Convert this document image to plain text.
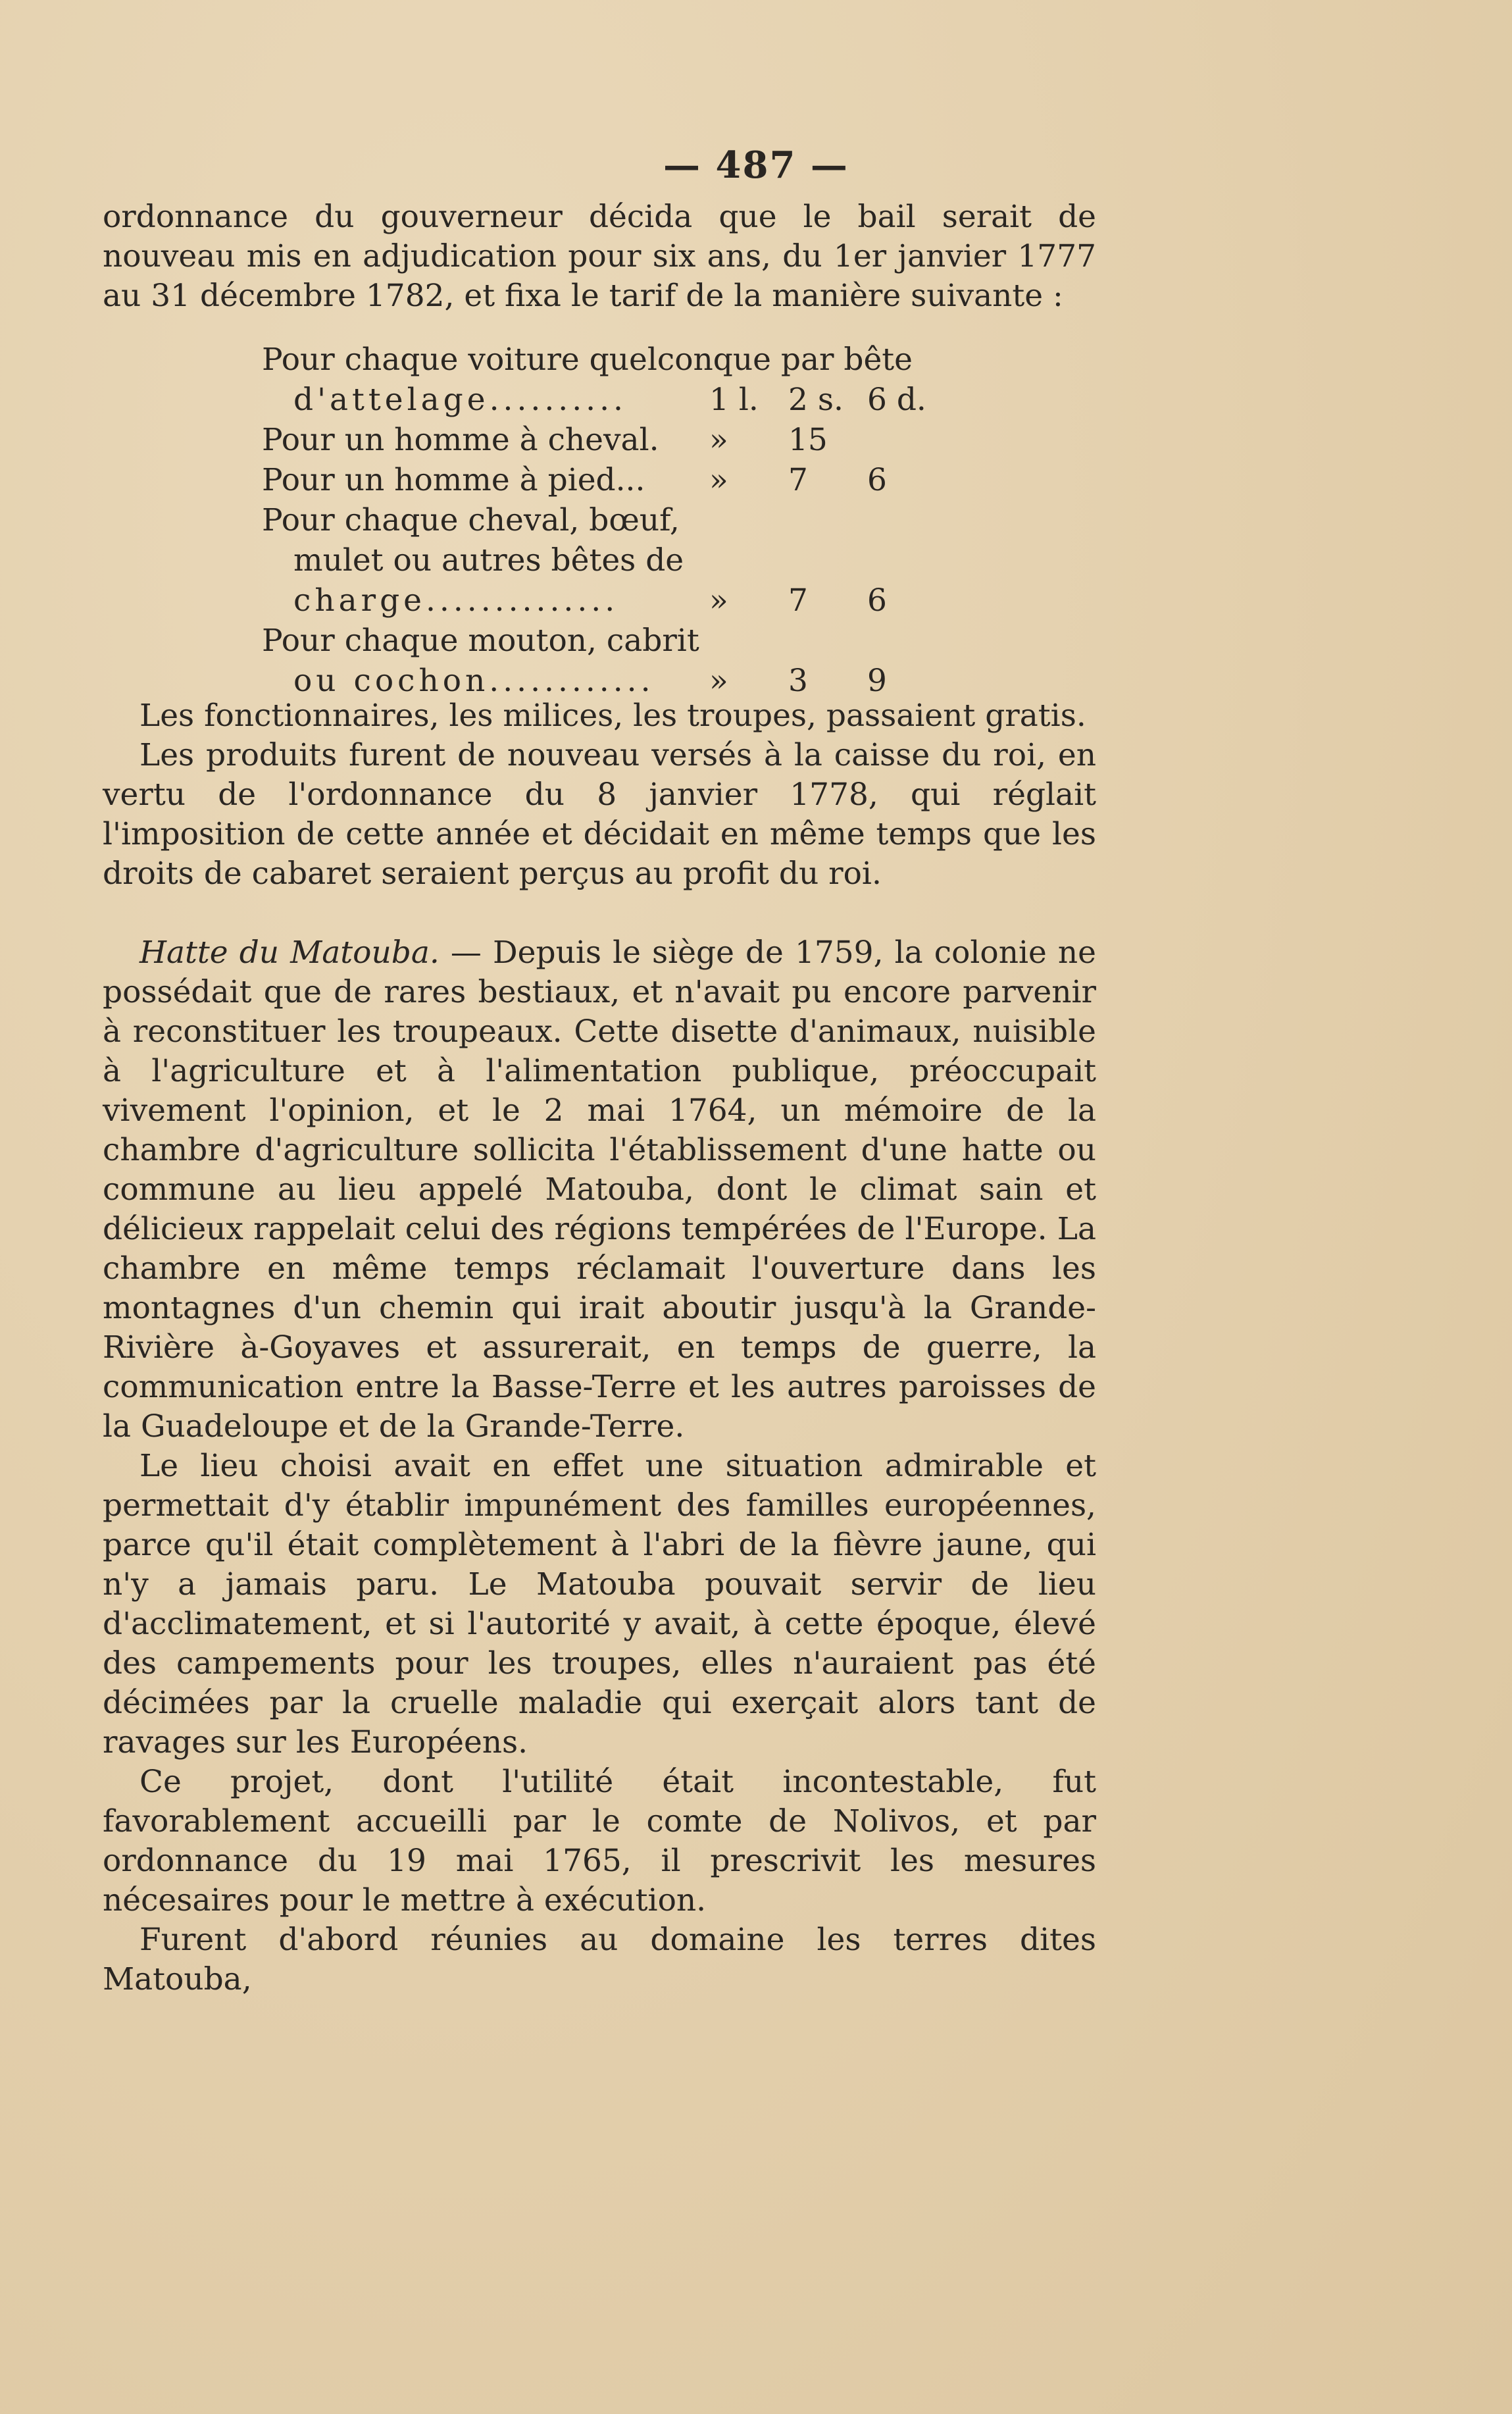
— 487 —

ordonnance du gouverneur décida que le bail serait de nouveau mis en adjudication pour six ans, du 1er janvier 1777 au 31 décembre 1782, et fixa le tarif de la manière suivante :

Pour chaque voiture quelconque par bête
d'attelage..........	1 l. 2 s. 6 d.
Pour un homme à cheval.	»	15
Pour un homme à pied...	»	7	6
Pour chaque cheval, bœuf,
mulet ou autres bêtes de
charge..............	»	7	6
Pour chaque mouton, cabrit
ou cochon............	»	3	9

Les fonctionnaires, les milices, les troupes, passaient gratis.

Les produits furent de nouveau versés à la caisse du roi, en vertu de l'ordonnance du 8 janvier 1778, qui réglait l'imposition de cette année et décidait en même temps que les droits de cabaret seraient perçus au profit du roi.

Hatte du Matouba. — Depuis le siège de 1759, la colonie ne possédait que de rares bestiaux, et n'avait pu encore parvenir à reconstituer les troupeaux. Cette disette d'animaux, nuisible à l'agriculture et à l'alimentation publique, préoccupait vivement l'opinion, et le 2 mai 1764, un mémoire de la chambre d'agriculture sollicita l'établissement d'une hatte ou commune au lieu appelé Matouba, dont le climat sain et délicieux rappelait celui des régions tempérées de l'Europe. La chambre en même temps réclamait l'ouverture dans les montagnes d'un chemin qui irait aboutir jusqu'à la Grande-Rivière à-Goyaves et assurerait, en temps de guerre, la communication entre la Basse-Terre et les autres paroisses de la Guadeloupe et de la Grande-Terre.

Le lieu choisi avait en effet une situation admirable et permettait d'y établir impunément des familles européennes, parce qu'il était complètement à l'abri de la fièvre jaune, qui n'y a jamais paru. Le Matouba pouvait servir de lieu d'acclimatement, et si l'autorité y avait, à cette époque, élevé des campements pour les troupes, elles n'auraient pas été décimées par la cruelle maladie qui exerçait alors tant de ravages sur les Européens.

Ce projet, dont l'utilité était incontestable, fut favorablement accueilli par le comte de Nolivos, et par ordonnance du 19 mai 1765, il prescrivit les mesures nécesaires pour le mettre à exécution.

Furent d'abord réunies au domaine les terres dites Matouba,
